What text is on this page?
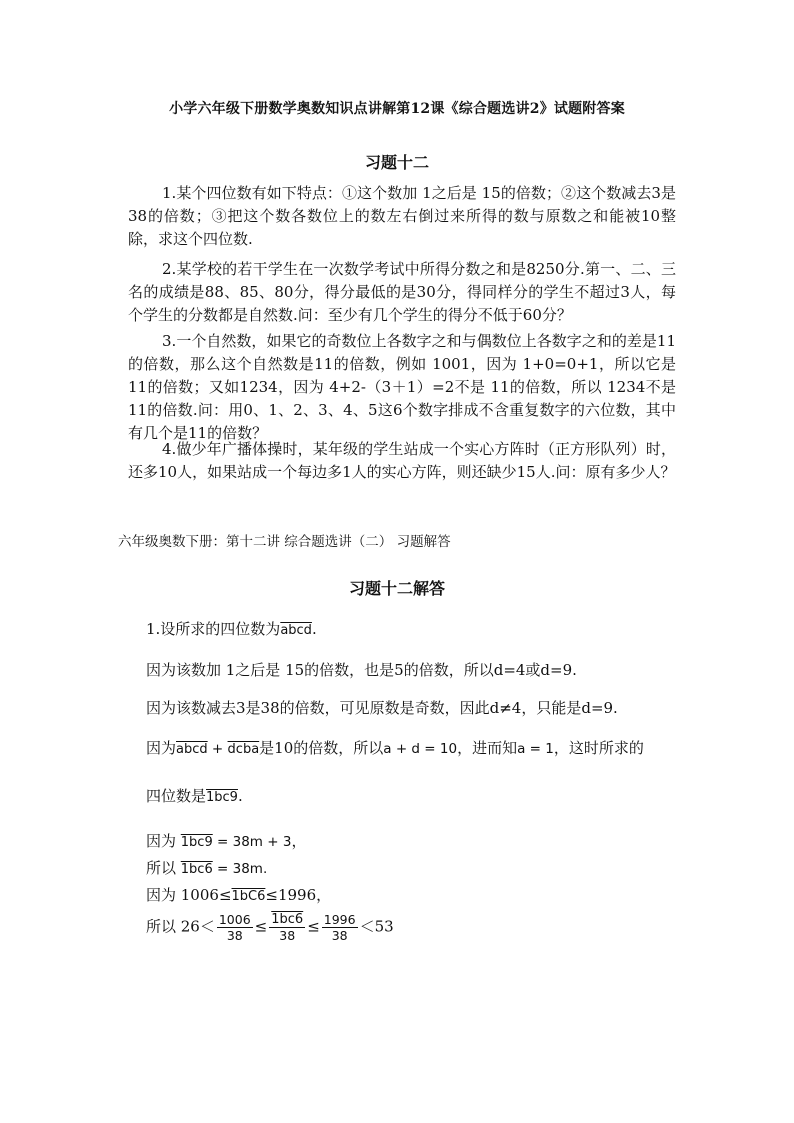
小学六年级下册数学奥数知识点讲解第12课《综合题选讲2》试题附答案
习题十二
1.某个四位数有如下特点：①这个数加 1之后是 15的倍数；②这个数减去3是38的倍数；③把这个数各数位上的数左右倒过来所得的数与原数之和能被10整除，求这个四位数.
2.某学校的若干学生在一次数学考试中所得分数之和是8250分.第一、二、三名的成绩是88、85、80分，得分最低的是30分，得同样分的学生不超过3人，每个学生的分数都是自然数.问：至少有几个学生的得分不低于60分？
3.一个自然数，如果它的奇数位上各数字之和与偶数位上各数字之和的差是11的倍数，那么这个自然数是11的倍数，例如 1001，因为 1+0=0+1，所以它是 11的倍数；又如1234，因为 4+2-（3＋1）=2不是 11的倍数，所以 1234不是11的倍数.问：用0、1、2、3、4、5这6个数字排成不含重复数字的六位数，其中有几个是11的倍数？
4.做少年广播体操时，某年级的学生站成一个实心方阵时（正方形队列）时，还多10人，如果站成一个每边多1人的实心方阵，则还缺少15人.问：原有多少人？
六年级奥数下册：第十二讲 综合题选讲（二） 习题解答
习题十二解答
1.设所求的四位数为abcd.
因为该数加 1之后是 15的倍数，也是5的倍数，所以d=4或d=9.
因为该数减去3是38的倍数，可见原数是奇数，因此d≠4，只能是d=9.
因为abcd + dcba是10的倍数，所以a + d = 10，进而知a = 1，这时所求的
四位数是1bc9.
因为 1bc9 = 38m + 3，
所以 1bc6 = 38m.
因为 1006≤1bC6≤1996，
所以 $26< \frac{1006}{38} \le \frac{1bc6}{38} \le \frac{1996}{38} <53$
